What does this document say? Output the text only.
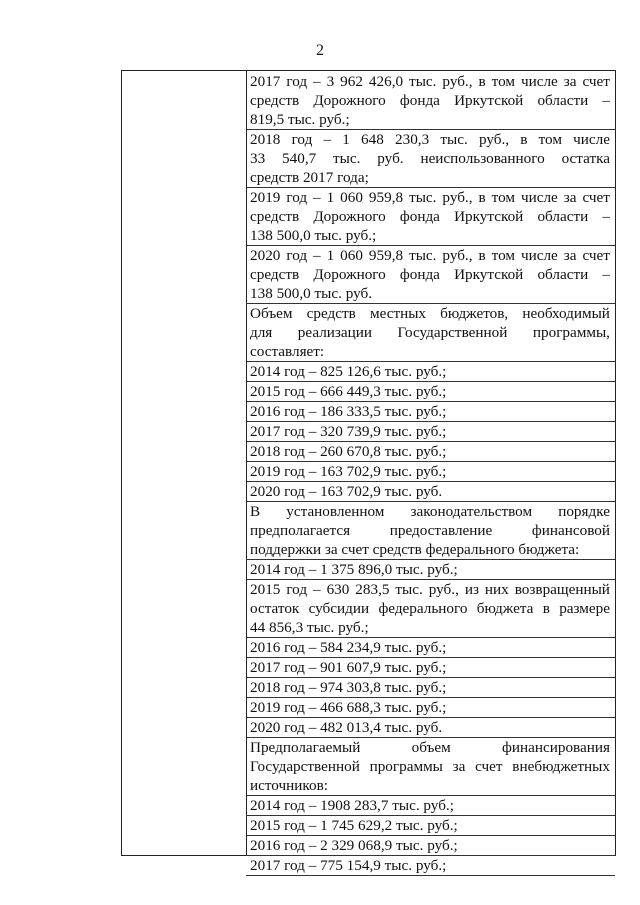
2
2017 год – 3 962 426,0 тыс. руб., в том числе за счет
средств Дорожного фонда Иркутской области –
819,5 тыс. руб.;
2018 год – 1 648 230,3 тыс. руб., в том числе
33 540,7 тыс. руб. неиспользованного остатка
средств 2017 года;
2019 год – 1 060 959,8 тыс. руб., в том числе за счет
средств Дорожного фонда Иркутской области –
138 500,0 тыс. руб.;
2020 год – 1 060 959,8 тыс. руб., в том числе за счет
средств Дорожного фонда Иркутской области –
138 500,0 тыс. руб.
Объем средств местных бюджетов, необходимый
для реализации Государственной программы,
составляет:
2014 год – 825 126,6 тыс. руб.;
2015 год – 666 449,3 тыс. руб.;
2016 год – 186 333,5 тыс. руб.;
2017 год – 320 739,9 тыс. руб.;
2018 год – 260 670,8 тыс. руб.;
2019 год – 163 702,9 тыс. руб.;
2020 год – 163 702,9 тыс. руб.
В установленном законодательством порядке
предполагается	предоставление	финансовой
поддержки за счет средств федерального бюджета:
2014 год – 1 375 896,0 тыс. руб.;
2015 год – 630 283,5 тыс. руб., из них возвращенный
остаток субсидии федерального бюджета в размере
44 856,3 тыс. руб.;
2016 год – 584 234,9 тыс. руб.;
2017 год – 901 607,9 тыс. руб.;
2018 год – 974 303,8 тыс. руб.;
2019 год – 466 688,3 тыс. руб.;
2020 год – 482 013,4 тыс. руб.
Предполагаемый	объем	финансирования
Государственной программы за счет внебюджетных
источников:
2014 год – 1908 283,7 тыс. руб.;
2015 год – 1 745 629,2 тыс. руб.;
2016 год – 2 329 068,9 тыс. руб.;
2017 год – 775 154,9 тыс. руб.;
